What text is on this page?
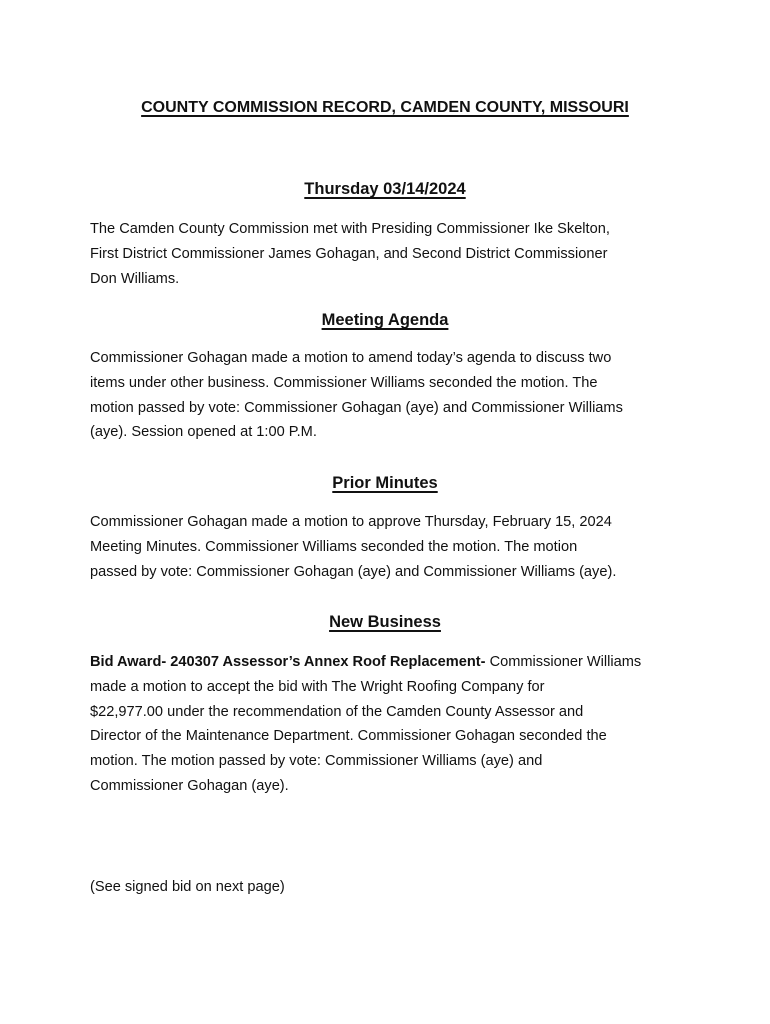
COUNTY COMMISSION RECORD, CAMDEN COUNTY, MISSOURI
Thursday 03/14/2024

The Camden County Commission met with Presiding Commissioner Ike Skelton,
First District Commissioner James Gohagan, and Second District Commissioner
Don Williams.

Meeting Agenda

Commissioner Gohagan made a motion to amend today’s agenda to discuss two
items under other business. Commissioner Williams seconded the motion. The
motion passed by vote: Commissioner Gohagan (aye) and Commissioner Williams
(aye). Session opened at 1:00 P.M.

Prior Minutes

Commissioner Gohagan made a motion to approve Thursday, February 15, 2024
Meeting Minutes. Commissioner Williams seconded the motion. The motion
passed by vote: Commissioner Gohagan (aye) and Commissioner Williams (aye).

New Business

Bid Award- 240307 Assessor’s Annex Roof Replacement- Commissioner Williams
made a motion to accept the bid with The Wright Roofing Company for
$22,977.00 under the recommendation of the Camden County Assessor and
Director of the Maintenance Department. Commissioner Gohagan seconded the
motion. The motion passed by vote: Commissioner Williams (aye) and
Commissioner Gohagan (aye).

(See signed bid on next page)
